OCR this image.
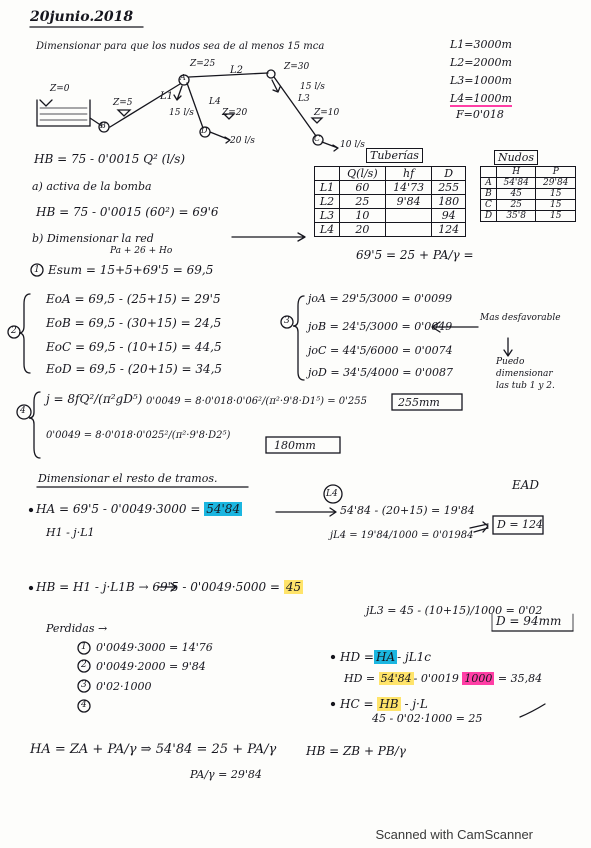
20junio.2018
Dimensionar para que los nudos sea de al menos 15 mca	L1=3000m
L2=2000m
L3=1000m
L4=1000m
F=0'018
Z=0
Z=5
Z=25	Z=30
Z=20	Z=10
A
B
D
C
L1
L2
L4	L3
15 l/s
15 l/s
20 l/s	10 l/s
HB = 75 - 0'0015 Q² (l/s)
a) activa de la bomba
HB = 75 - 0'0015 (60²) = 69'6
b) Dimensionar la red
Pa + 26 + Ho
1 Esum = 15+5+69'5 = 69,5
Tuberías
	Q(l/s)	hf	D
L1	60	14'73	255
L2	25	9'84	180
L3	10		94
L4	20		124
Nudos
	H	P
A	54'84	29'84
B	45	15
C	25	15
D	35'8	15
69'5 = 25 + PA/γ =
2
EoA = 69,5 - (25+15) = 29'5
EoB = 69,5 - (30+15) = 24,5
EoC = 69,5 - (10+15) = 44,5
EoD = 69,5 - (20+15) = 34,5
3
joA = 29'5/3000 = 0'0099
joB = 24'5/3000 = 0'0049
joC = 44'5/6000 = 0'0074
joD = 34'5/4000 = 0'0087
Mas desfavorable
Puedo dimensionar las tub 1 y 2.
4
j = 8fQ²/(π²gD⁵) 0'0049 = 8·0'018·0'06²/(π²·9'8·D1⁵) = 0'255	255mm
0'0049 = 8·0'018·0'025²/(π²·9'8·D2⁵)
180mm
Dimensionar el resto de tramos.
HA = 69'5 - 0'0049·3000 = 54'84
H1 - j·L1
EAD
L4
54'84 - (20+15) = 19'84
jL4 = 19'84/1000 = 0'01984
D = 124
HB = H1 - j·L1B → 69'5 - 0'0049·5000 = 45
jL3 = 45 - (10+15)/1000 = 0'02
D = 94mm
Perdidas →
1
2
3
4
0'0049·3000 = 14'76
0'0049·2000 = 9'84
0'02·1000
HD = HA - jL1c
HD = 54'84 - 0'0019 1000 = 35,84
HC = HB - j·L
45 - 0'02·1000 = 25
HA = ZA + PA/γ ⇒ 54'84 = 25 + PA/γ
PA/γ = 29'84
HB = ZB + PB/γ
Scanned with CamScanner
